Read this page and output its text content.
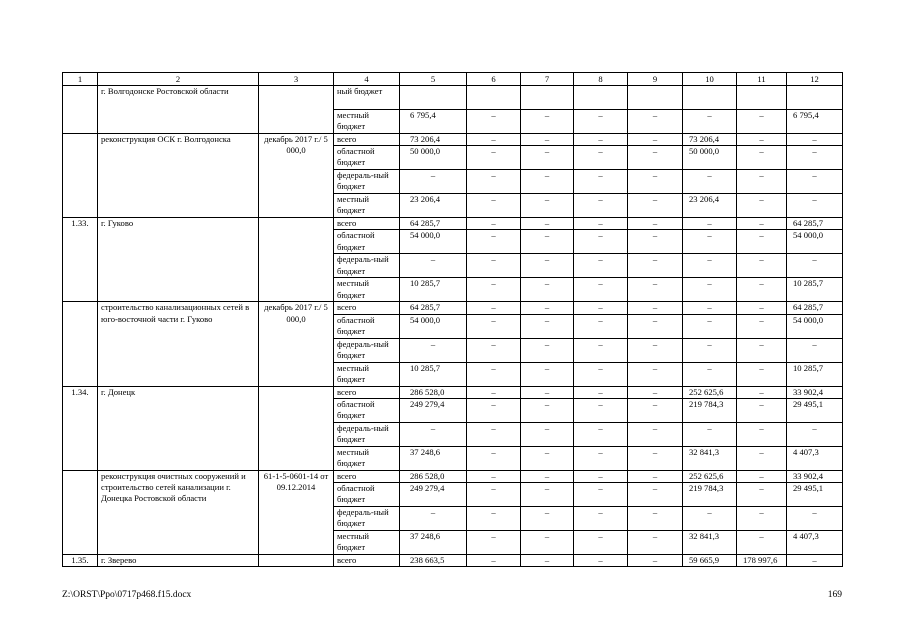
1	2	3	4	5	6	7	8	9	10	11	12
	г. Волгодонске Ростовской области		ный бюджет								
			местный бюджет	6 795,4	–	–	–	–	–	–	6 795,4
	реконструкция ОСК г. Волгодонска	декабрь 2017 г./ 5 000,0	всего	73 206,4	–	–	–	–	73 206,4	–	–
			областной бюджет	50 000,0	–	–	–	–	50 000,0	–	–
			федераль-ный бюджет	–	–	–	–	–	–	–	–
			местный бюджет	23 206,4	–	–	–	–	23 206,4	–	–
1.33.	г. Гуково		всего	64 285,7	–	–	–	–	–	–	64 285,7
			областной бюджет	54 000,0	–	–	–	–	–	–	54 000,0
			федераль-ный бюджет	–	–	–	–	–	–	–	–
			местный бюджет	10 285,7	–	–	–	–	–	–	10 285,7
	строительство канализационных сетей в юго-восточной части г. Гуково	декабрь 2017 г./ 5 000,0	всего	64 285,7	–	–	–	–	–	–	64 285,7
			областной бюджет	54 000,0	–	–	–	–	–	–	54 000,0
			федераль-ный бюджет	–	–	–	–	–	–	–	–
			местный бюджет	10 285,7	–	–	–	–	–	–	10 285,7
1.34.	г. Донецк		всего	286 528,0	–	–	–	–	252 625,6	–	33 902,4
			областной бюджет	249 279,4	–	–	–	–	219 784,3	–	29 495,1
			федераль-ный бюджет	–	–	–	–	–	–	–	–
			местный бюджет	37 248,6	–	–	–	–	32 841,3	–	4 407,3
	реконструкция очистных сооружений и строительство сетей канализации г. Донецка Ростовской области	61-1-5-0601-14 от 09.12.2014	всего	286 528,0	–	–	–	–	252 625,6	–	33 902,4
			областной бюджет	249 279,4	–	–	–	–	219 784,3	–	29 495,1
			федераль-ный бюджет	–	–	–	–	–	–	–	–
			местный бюджет	37 248,6	–	–	–	–	32 841,3	–	4 407,3
1.35.	г. Зверево		всего	238 663,5	–	–	–	–	59 665,9	178 997,6	–
Z:\ORST\Ppo\0717p468.f15.docx	169
